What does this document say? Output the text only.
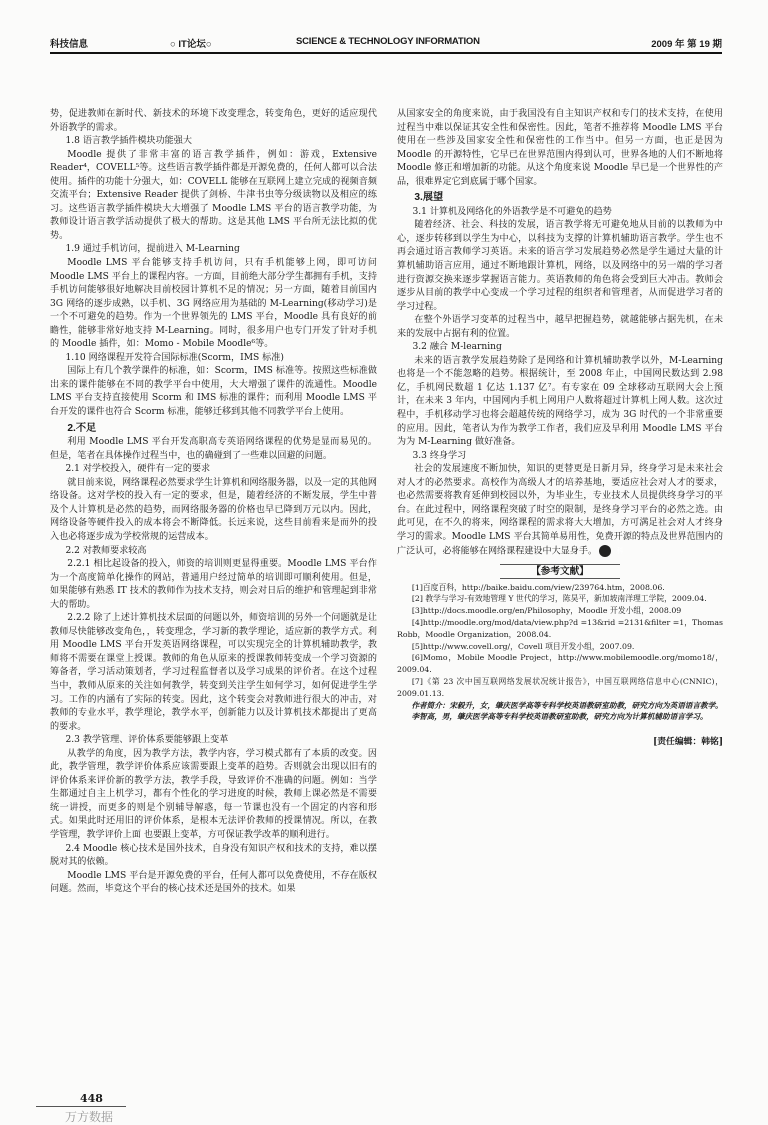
科技信息	○ IT论坛○	SCIENCE & TECHNOLOGY INFORMATION	2009 年 第 19 期

势，促进教师在新时代、新技术的环境下改变理念，转变角色，更好的适应现代外语教学的需求。

1.8 语言教学插件模块功能强大

Moodle 提供了非常丰富的语言教学插件，例如：游戏，Extensive Reader⁴，COVELL⁵等。这些语言教学插件都是开源免费的，任何人都可以合法使用。插件的功能十分强大，如：COVELL 能够在互联网上建立完成的视频音频交流平台；Extensive Reader 提供了剑桥、牛津书虫等分级读物以及相应的练习。这些语言教学插件模块大大增强了 Moodle LMS 平台的语言教学功能，为教师设计语言教学活动提供了极大的帮助。这是其他 LMS 平台所无法比拟的优势。

1.9 通过手机访问，提前进入 M-Learning

Moodle LMS 平台能够支持手机访问，只有手机能够上网，即可访问 Moodle LMS 平台上的课程内容。一方面，目前绝大部分学生都拥有手机，支持手机访问能够很好地解决目前校园计算机不足的情况；另一方面，随着目前国内 3G 网络的逐步成熟，以手机、3G 网络应用为基础的 M-Learning(移动学习)是一个不可避免的趋势。作为一个世界领先的 LMS 平台，Moodle 具有良好的前瞻性，能够非常好地支持 M-Learning。同时，很多用户也专门开发了针对手机的 Moodle 插件，如：Momo - Mobile Moodle⁶等。

1.10 网络课程开发符合国际标准(Scorm，IMS 标准)

国际上有几个教学课件的标准，如：Scorm，IMS 标准等。按照这些标准做出来的课件能够在不同的教学平台中使用，大大增强了课件的流通性。Moodle LMS 平台支持直接使用 Scorm 和 IMS 标准的课件；而利用 Moodle LMS 平台开发的课件也符合 Scorm 标准，能够迁移到其他不同教学平台上使用。

2.不足

利用 Moodle LMS 平台开发高职高专英语网络课程的优势是显而易见的。但是，笔者在具体操作过程当中，也的确碰到了一些难以回避的问题。

2.1 对学校投入，硬件有一定的要求

就目前来说，网络课程必然要求学生计算机和网络服务器，以及一定的其他网络设备。这对学校的投入有一定的要求，但是，随着经济的不断发展，学生中普及个人计算机是必然的趋势，而网络服务器的价格也早已降到万元以内。因此，网络设备等硬件投入的成本将会不断降低。长远来说，这些目前看来是而外的投入也必将逐步成为学校常规的运营成本。

2.2 对教师要求较高

2.2.1 相比起设备的投入，师资的培训则更显得重要。Moodle LMS 平台作为一个高度简单化操作的网站，普通用户经过简单的培训即可顺利使用。但是，如果能够有熟悉 IT 技术的教师作为技术支持，则会对日后的维护和管理起到非常大的帮助。

2.2.2 除了上述计算机技术层面的问题以外，师资培训的另外一个问题就是让教师尽快能够改变角色，，转变理念，学习新的教学理论，适应新的教学方式。利用 Moodle LMS 平台开发英语网络课程，可以实现完全的计算机辅助教学，教师将不需要在课堂上授课。教师的角色从原来的授课教师转变成一个学习资源的筹备者，学习活动策划者，学习过程监督者以及学习成果的评价者。在这个过程当中，教师从原来的关注如何教学，转变到关注学生如何学习，如何促进学生学习。工作的内涵有了实际的转变。因此，这个转变会对教师进行很大的冲击，对教师的专业水平，教学理论，教学水平，创新能力以及计算机技术都提出了更高的要求。

2.3 教学管理、评价体系要能够跟上变革

从教学的角度，因为教学方法，教学内容，学习模式都有了本质的改变。因此，教学管理，教学评价体系应该需要跟上变革的趋势。否则就会出现以旧有的评价体系来评价新的教学方法，教学手段，导致评价不准确的问题。例如：当学生都通过自主上机学习，都有个性化的学习进度的时候，教师上课必然是不需要统一讲授，而更多的则是个别辅导解惑，每一节课也没有一个固定的内容和形式。如果此时还用旧的评价体系，是根本无法评价教师的授课情况。所以，在教学管理，教学评价上面 也要跟上变革，方可保证教学改革的顺利进行。

2.4 Moodle 核心技术是国外技术，自身没有知识产权和技术的支持，难以摆脱对其的依赖。

Moodle LMS 平台是开源免费的平台，任何人都可以免费使用，不存在版权问题。然而，毕竟这个平台的核心技术还是国外的技术。如果

从国家安全的角度来说，由于我国没有自主知识产权和专门的技术支持，在使用过程当中难以保证其安全性和保密性。因此，笔者不推荐将 Moodle LMS 平台使用在一些涉及国家安全性和保密性的工作当中。但另一方面，也正是因为 Moodle 的开源特性，它早已在世界范围内得到认可，世界各地的人们不断地将 Moodle 修正和增加新的功能。从这个角度来说 Moodle 早已是一个世界性的产品，很难界定它到底属于哪个国家。

3.展望

3.1 计算机及网络化的外语教学是不可避免的趋势

随着经济、社会、科技的发展，语言教学将无可避免地从目前的以教师为中心，逐步转移到以学生为中心，以科技为支撑的计算机辅助语言教学。学生也不再会通过语言教师学习英语。未来的语言学习发展趋势必然是学生通过大量的计算机辅助语言应用，通过不断地跟计算机，网络，以及网络中的另一端的学习者进行资源交换来逐步掌握语言能力。英语教师的角色将会受到巨大冲击。教师会逐步从目前的教学中心变成一个学习过程的组织者和管理者，从而促进学习者的学习过程。

在整个外语学习变革的过程当中，越早把握趋势，就越能够占据先机，在未来的发展中占据有利的位置。

3.2 融合 M-learning

未来的语言教学发展趋势除了是网络和计算机辅助教学以外，M-Learning 也将是一个不能忽略的趋势。根据统计，至 2008 年止，中国网民数达到 2.98 亿，手机网民数超 1 亿达 1.137 亿⁷。有专家在 09 全球移动互联网大会上预计，在未来 3 年内，中国网内手机上网用户人数将超过计算机上网人数。这次过程中，手机移动学习也将会超越传统的网络学习，成为 3G 时代的一个非常重要的应用。因此，笔者认为作为教学工作者，我们应及早利用 Moodle LMS 平台为为 M-Learning 做好准备。

3.3 终身学习

社会的发展速度不断加快，知识的更替更是日新月异，终身学习是未来社会对人才的必然要求。高校作为高级人才的培养基地，要适应社会对人才的要求，也必然需要将教育延伸到校园以外，为毕业生，专业技术人员提供终身学习的平台。在此过程中，网络课程突破了时空的限制，是终身学习平台的必然之选。由此可见，在不久的将来，网络课程的需求将大大增加，方可满足社会对人才终身学习的需求。Moodle LMS 平台其简单易用性，免费开源的特点及世界范围内的广泛认可，必将能够在网络课程建设中大显身手。	科

【参考文献】

[1]百度百科，http://baike.baidu.com/view/239764.htm，2008.06.

[2] 教学与学习-有效地管理 Y 世代的学习，陈昊平，新加坡南洋理工学院，2009.04.

[3]http://docs.moodle.org/en/Philosophy，Moodle 开发小组，2008.09

[4]http://moodle.org/mod/data/view.php?d =13&rid =2131&filter =1，Thomas Robb，Moodle Organization，2008.04.

[5]http://www.covell.org/，Covell 项目开发小组，2007.09.

[6]Momo，Mobile Moodle Project，http://www.mobilemoodle.org/momo18/，2009.04.

[7]《第 23 次中国互联网络发展状况统计报告》，中国互联网络信息中心(CNNIC)，2009.01.13.

作者简介：宋毅升，女，肇庆医学高等专科学校英语教研室助教，研究方向为英语语言教学。

李智高，男，肇庆医学高等专科学校英语教研室助教，研究方向为计算机辅助语言学习。

[责任编辑：韩铭]
448
万方数据
